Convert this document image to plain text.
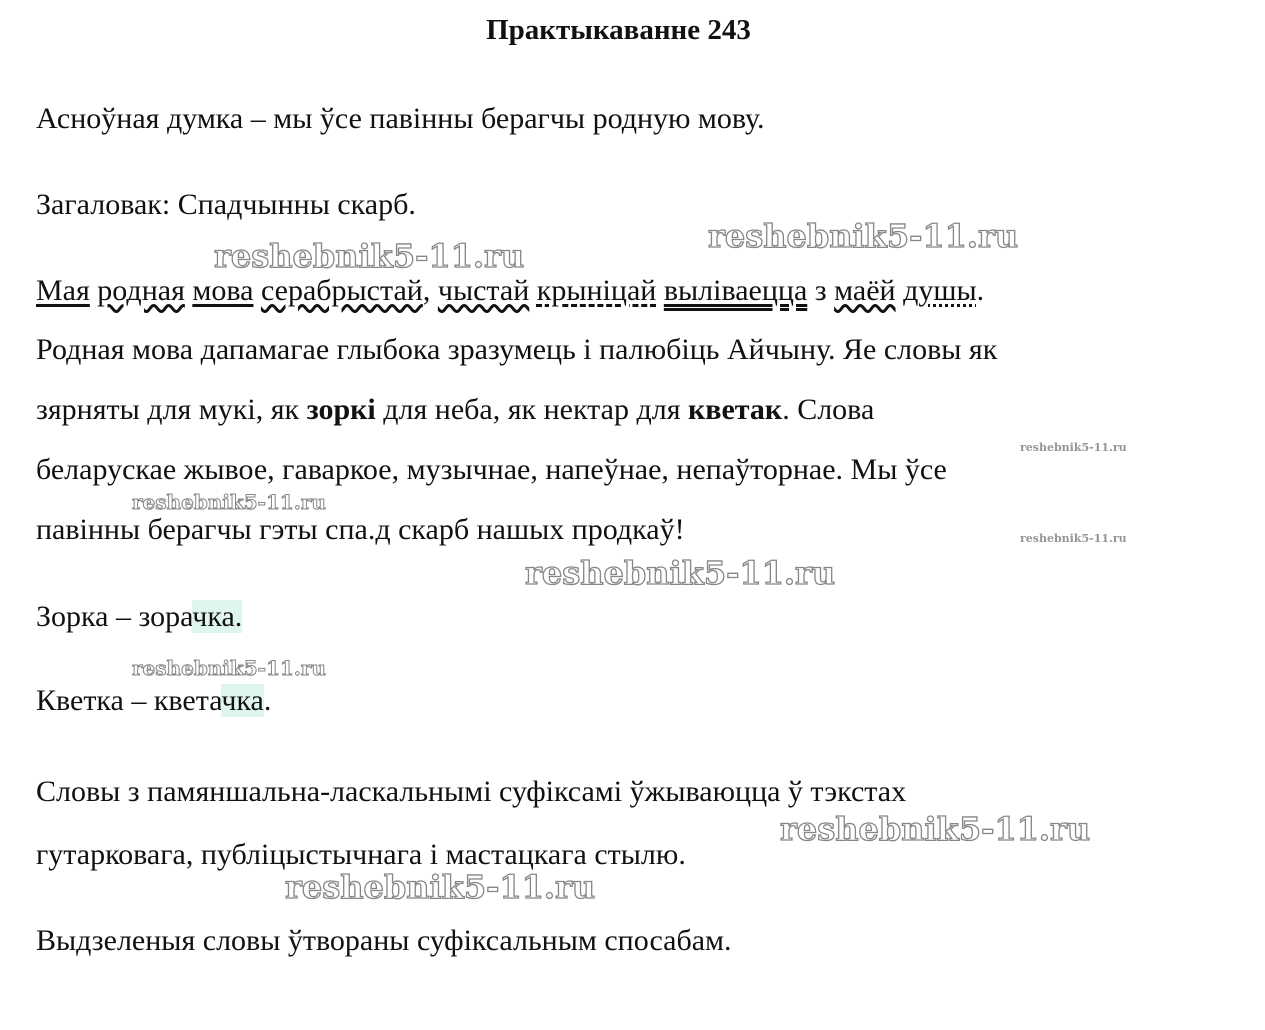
Практыкаванне 243
Асноўная думка – мы ўсе павінны берагчы родную мову.
Загаловак: Спадчынны скарб.
Мая родная мова серабрыстай, чыстай крыніцай выліваецца з маёй душы.
Родная мова дапамагае глыбока зразумець і палюбіць Айчыну. Яе словы як
зярняты для мукі, як зоркі для неба, як нектар для кветак. Слова
беларускае жывое, гаваркое, музычнае, напеўнае, непаўторнае. Мы ўсе
павінны берагчы гэты спа.д скарб нашых продкаў!
Зорка – зорачка.
Кветка – кветачка.
Словы з памяншальна-ласкальнымі суфіксамі ўжываюцца ў тэкстах
гутарковага, публіцыстычнага і мастацкага стылю.
Выдзеленыя словы ўтвораны суфіксальным спосабам.
reshebnik5-11.ru
reshebnik5-11.ru
reshebnik5-11.ru
reshebnik5-11.ru
reshebnik5-11.ru
reshebnik5-11.ru
reshebnik5-11.ru
reshebnik5-11.ru
reshebnik5-11.ru
